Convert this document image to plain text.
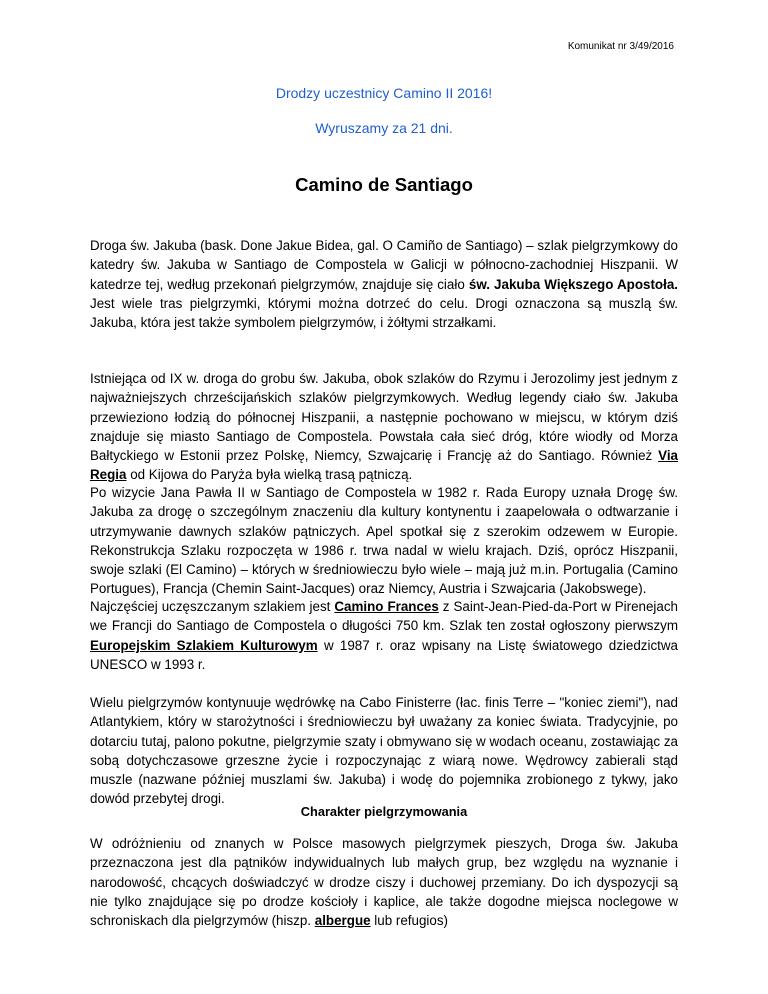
Komunikat nr 3/49/2016
Drodzy uczestnicy Camino II 2016!
Wyruszamy za 21 dni.
Camino de Santiago
Droga św. Jakuba (bask. Done Jakue Bidea, gal. O Camiño de Santiago) – szlak pielgrzymkowy do katedry św. Jakuba w Santiago de Compostela w Galicji w północno-zachodniej Hiszpanii. W katedrze tej, według przekonań pielgrzymów, znajduje się ciało św. Jakuba Większego Apostoła. Jest wiele tras pielgrzymki, którymi można dotrzeć do celu. Drogi oznaczona są muszlą św. Jakuba, która jest także symbolem pielgrzymów, i żółtymi strzałkami.
Istniejąca od IX w. droga do grobu św. Jakuba, obok szlaków do Rzymu i Jerozolimy jest jednym z najważniejszych chrześcijańskich szlaków pielgrzymkowych. Według legendy ciało św. Jakuba przewieziono łodzią do północnej Hiszpanii, a następnie pochowano w miejscu, w którym dziś znajduje się miasto Santiago de Compostela. Powstała cała sieć dróg, które wiodły od Morza Bałtyckiego w Estonii przez Polskę, Niemcy, Szwajcarię i Francję aż do Santiago. Również Via Regia od Kijowa do Paryża była wielką trasą pątniczą.
Po wizycie Jana Pawła II w Santiago de Compostela w 1982 r. Rada Europy uznała Drogę św. Jakuba za drogę o szczególnym znaczeniu dla kultury kontynentu i zaapelowała o odtwarzanie i utrzymywanie dawnych szlaków pątniczych. Apel spotkał się z szerokim odzewem w Europie. Rekonstrukcja Szlaku rozpoczęta w 1986 r. trwa nadal w wielu krajach. Dziś, oprócz Hiszpanii, swoje szlaki (El Camino) – których w średniowieczu było wiele – mają już m.in. Portugalia (Camino Portugues), Francja (Chemin Saint-Jacques) oraz Niemcy, Austria i Szwajcaria (Jakobswege).
Najczęściej uczęszczanym szlakiem jest Camino Frances z Saint-Jean-Pied-da-Port w Pirenejach we Francji do Santiago de Compostela o długości 750 km. Szlak ten został ogłoszony pierwszym Europejskim Szlakiem Kulturowym w 1987 r. oraz wpisany na Listę światowego dziedzictwa UNESCO w 1993 r.
Wielu pielgrzymów kontynuuje wędrówkę na Cabo Finisterre (łac. finis Terre – "koniec ziemi"), nad Atlantykiem, który w starożytności i średniowieczu był uważany za koniec świata. Tradycyjnie, po dotarciu tutaj, palono pokutne, pielgrzymie szaty i obmywano się w wodach oceanu, zostawiając za sobą dotychczasowe grzeszne życie i rozpoczynając z wiarą nowe. Wędrowcy zabierali stąd muszle (nazwane później muszlami św. Jakuba) i wodę do pojemnika zrobionego z tykwy, jako dowód przebytej drogi.
Charakter pielgrzymowania
W odróżnieniu od znanych w Polsce masowych pielgrzymek pieszych, Droga św. Jakuba przeznaczona jest dla pątników indywidualnych lub małych grup, bez względu na wyznanie i narodowość, chcących doświadczyć w drodze ciszy i duchowej przemiany. Do ich dyspozycji są nie tylko znajdujące się po drodze kościoły i kaplice, ale także dogodne miejsca noclegowe w schroniskach dla pielgrzymów (hiszp. albergue lub refugios)
